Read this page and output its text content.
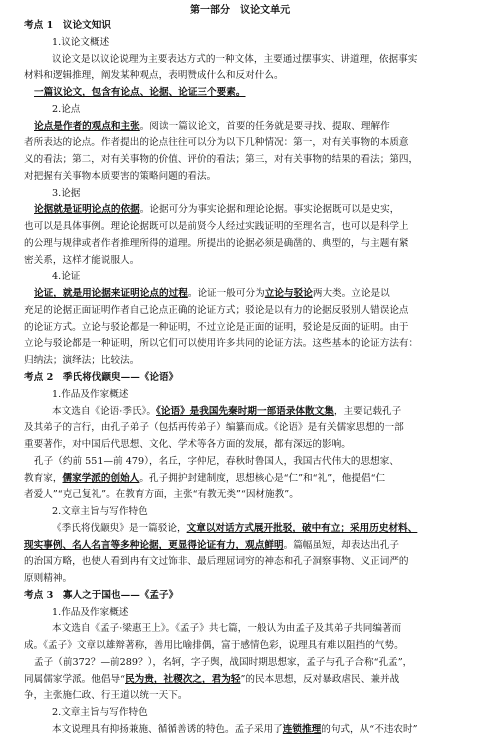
第一部分　议论文单元
考点 1　议论文知识
1.议论文概述
议论文是以议论说理为主要表达方式的一种文体，主要通过摆事实、讲道理，依据事实
材料和逻辑推理，阐发某种观点，表明赞成什么和反对什么。
一篇议论文，包含有论点、论据、论证三个要素。
2.论点
论点是作者的观点和主张。阅读一篇议论文，首要的任务就是要寻找、提取、理解作
者所表达的论点。作者提出的论点往往可以分为以下几种情况：第一，对有关事物的本质意
义的看法；第二，对有关事物的价值、评价的看法；第三，对有关事物的结果的看法；第四，
对把握有关事物本质要害的策略问题的看法。
3.论据
论据就是证明论点的依据。论据可分为事实论据和理论论据。事实论据既可以是史实，
也可以是具体事例。理论论据既可以是前贤今人经过实践证明的至理名言，也可以是科学上
的公理与规律或者作者推理所得的道理。所提出的论据必须是确凿的、典型的，与主题有紧
密关系，这样才能说服人。
4.论证
论证，就是用论据来证明论点的过程。论证一般可分为立论与驳论两大类。立论是以
充足的论据正面证明作者自己论点正确的论证方式；驳论是以有力的论据反驳别人错误论点
的论证方式。立论与驳论都是一种证明，不过立论是正面的证明，驳论是反面的证明。由于
立论与驳论都是一种证明，所以它们可以使用许多共同的论证方法。这些基本的论证方法有：
归纳法；演绎法；比较法。
考点 2　季氏将伐颛臾——《论语》
1.作品及作家概述
本文选自《论语·季氏》。《论语》是我国先秦时期一部语录体散文集，主要记载孔子
及其弟子的言行，由孔子弟子（包括再传弟子）编纂而成。《论语》是有关儒家思想的一部
重要著作，对中国后代思想、文化、学术等各方面的发展，都有深远的影响。
孔子（约前 551—前 479），名丘，字仲尼，春秋时鲁国人，我国古代伟大的思想家、
教育家，儒家学派的创始人。孔子拥护封建制度，思想核心是“仁”和“礼”，他提倡“仁
者爱人”“克己复礼”。在教育方面，主张“有教无类”“因材施教”。
2.文章主旨与写作特色
《季氏将伐颛臾》是一篇驳论，文章以对话方式展开批驳，破中有立；采用历史材料、
现实事例、名人名言等多种论据，更显得论证有力，观点鲜明。篇幅虽短，却表达出孔子
的治国方略，也使人看到冉有文过饰非、最后理屈词穷的神态和孔子洞察事物、义正词严的
原则精神。
考点 3　寡人之于国也——《孟子》
1.作品及作家概述
本文选自《孟子·梁惠王上》。《孟子》共七篇，一般认为由孟子及其弟子共同编著而
成。《孟子》文章以雄辩著称，善用比喻排偶，富于感情色彩，说理具有难以阻挡的气势。
孟子（前372？—前289？），名轲，字子舆，战国时期思想家，孟子与孔子合称“孔孟”，
同属儒家学派。他倡导“民为贵，社稷次之，君为轻”的民本思想，反对暴政虐民、兼并战
争，主张施仁政、行王道以统一天下。
2.文章主旨与写作特色
本文说理具有抑扬兼施、循循善诱的特色。孟子采用了连锁推理的句式，从“不违农时”
